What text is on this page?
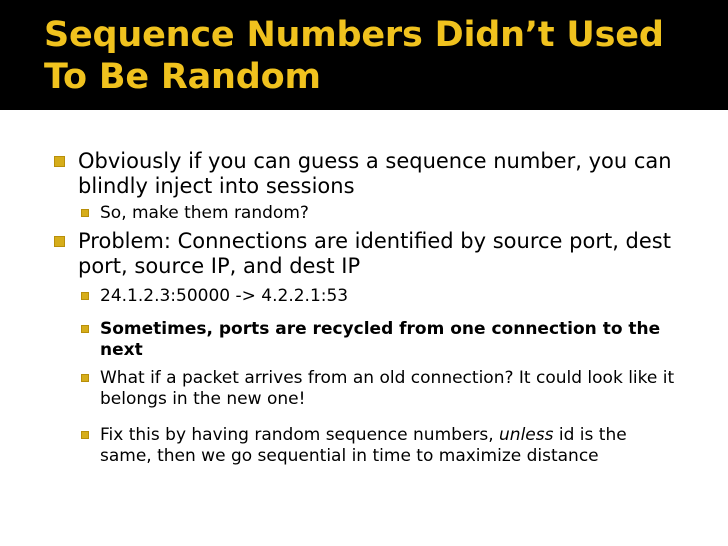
Sequence Numbers Didn’t Used To Be Random
Obviously if you can guess a sequence number, you can blindly inject into sessions
So, make them random?
Problem: Connections are identified by source port, dest port, source IP, and dest IP
24.1.2.3:50000 -> 4.2.2.1:53
Sometimes, ports are recycled from one connection to the next
What if a packet arrives from an old connection? It could look like it belongs in the new one!
Fix this by having random sequence numbers, unless id is the same, then we go sequential in time to maximize distance
